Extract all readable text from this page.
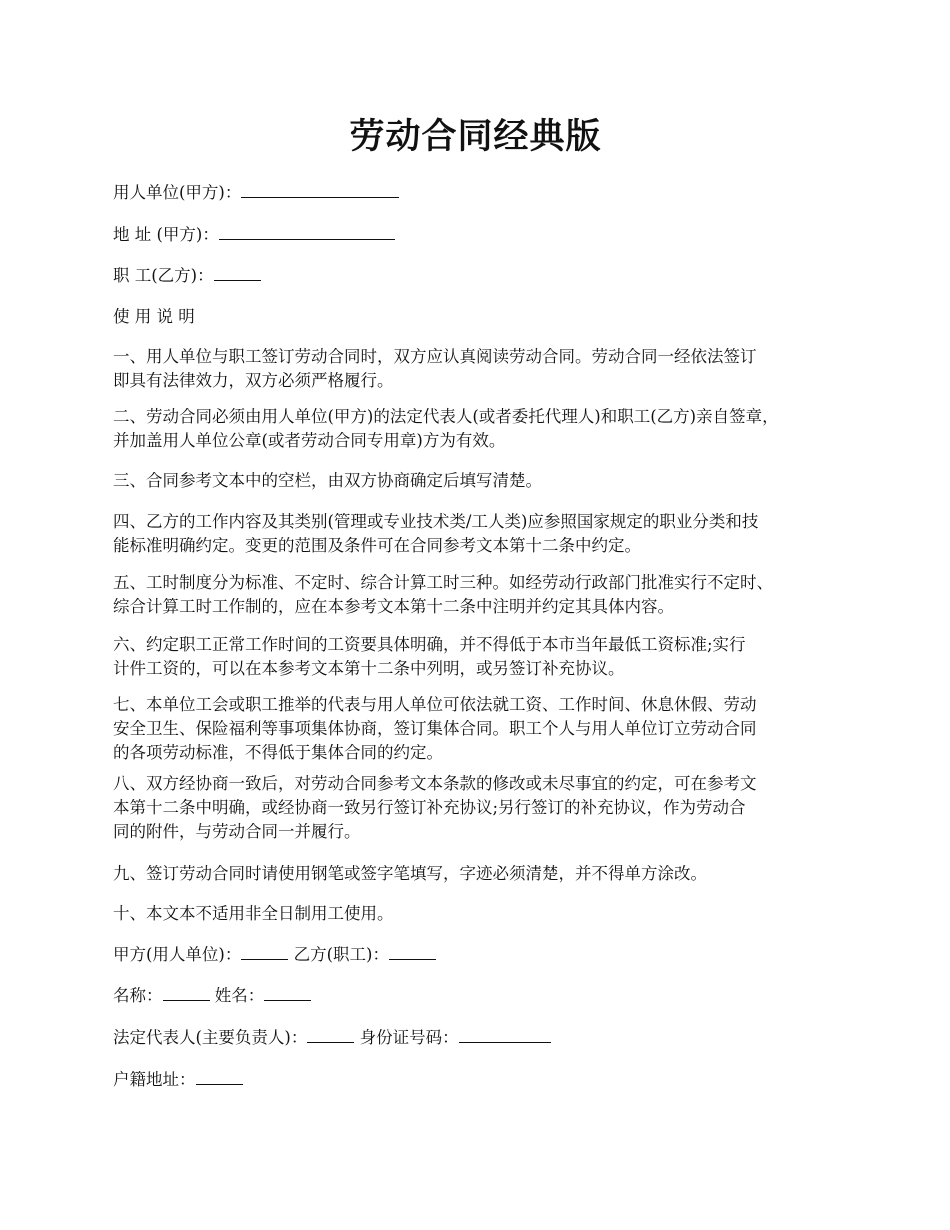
劳动合同经典版
用人单位(甲方)：
地 址 (甲方)：
职 工(乙方)：
使 用 说 明
一、用人单位与职工签订劳动合同时，双方应认真阅读劳动合同。劳动合同一经依法签订
即具有法律效力，双方必须严格履行。
二、劳动合同必须由用人单位(甲方)的法定代表人(或者委托代理人)和职工(乙方)亲自签章，
并加盖用人单位公章(或者劳动合同专用章)方为有效。
三、合同参考文本中的空栏，由双方协商确定后填写清楚。
四、乙方的工作内容及其类别(管理或专业技术类/工人类)应参照国家规定的职业分类和技
能标准明确约定。变更的范围及条件可在合同参考文本第十二条中约定。
五、工时制度分为标准、不定时、综合计算工时三种。如经劳动行政部门批准实行不定时、
综合计算工时工作制的，应在本参考文本第十二条中注明并约定其具体内容。
六、约定职工正常工作时间的工资要具体明确，并不得低于本市当年最低工资标准;实行
计件工资的，可以在本参考文本第十二条中列明，或另签订补充协议。
七、本单位工会或职工推举的代表与用人单位可依法就工资、工作时间、休息休假、劳动
安全卫生、保险福利等事项集体协商，签订集体合同。职工个人与用人单位订立劳动合同
的各项劳动标准，不得低于集体合同的约定。
八、双方经协商一致后，对劳动合同参考文本条款的修改或未尽事宜的约定，可在参考文
本第十二条中明确，或经协商一致另行签订补充协议;另行签订的补充协议，作为劳动合
同的附件，与劳动合同一并履行。
九、签订劳动合同时请使用钢笔或签字笔填写，字迹必须清楚，并不得单方涂改。
十、本文本不适用非全日制用工使用。
甲方(用人单位)：	乙方(职工)：
名称：	姓名：
法定代表人(主要负责人)：	身份证号码：
户籍地址：
